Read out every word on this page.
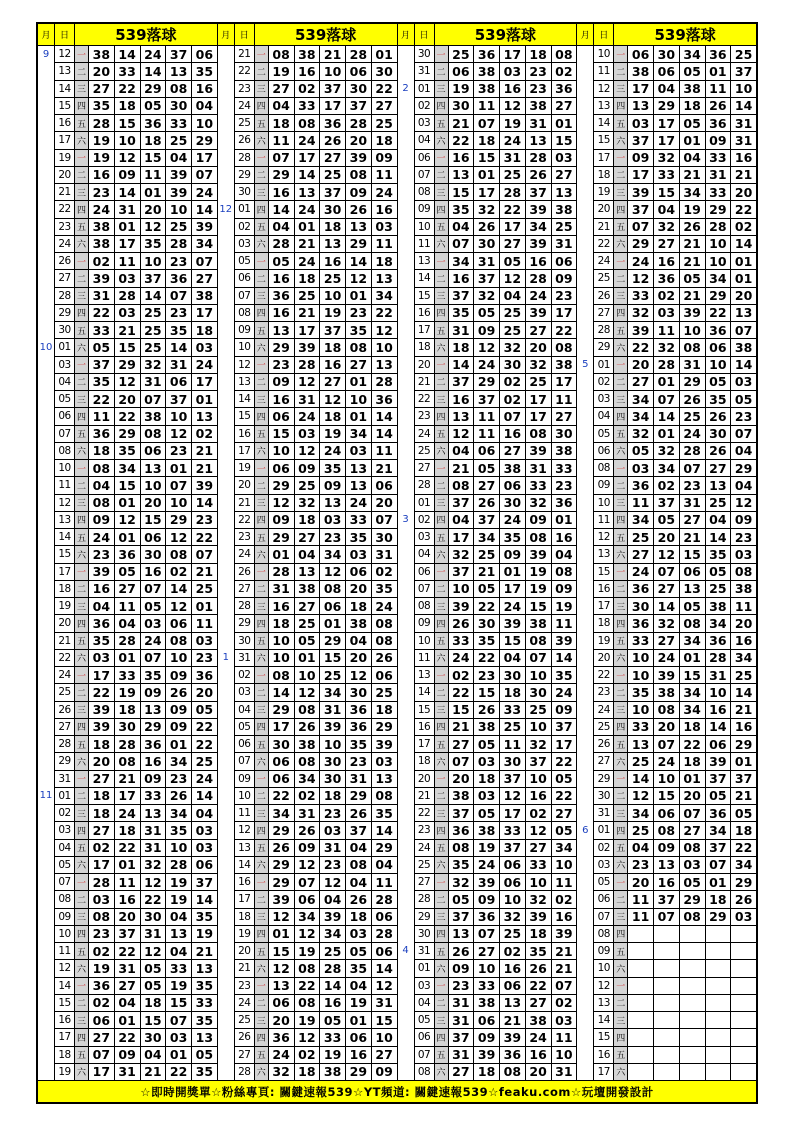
月	日	539落球
9
10
11
12 一 38 14 24 37 06
13 二 20 33 14 13 35
14 三 27 22 29 08 16
15 四 35 18 05 30 04
16 五 28 15 36 33 10
17 六 19 10 18 25 29
19 一 19 12 15 04 17
20 二 16 09 11 39 07
21 三 23 14 01 39 24
22 四 24 31 20 10 14
23 五 38 01 12 25 39
24 六 38 17 35 28 34
26 一 02 11 10 23 07
27 二 39 03 37 36 27
28 三 31 28 14 07 38
29 四 22 03 25 23 17
30 五 33 21 25 35 18
01 六 05 15 25 14 03
03 一 37 29 32 31 24
04 二 35 12 31 06 17
05 三 22 20 07 37 01
06 四 11 22 38 10 13
07 五 36 29 08 12 02
08 六 18 35 06 23 21
10 一 08 34 13 01 21
11 二 04 15 10 07 39
12 三 08 01 20 10 14
13 四 09 12 15 29 23
14 五 24 01 06 12 22
15 六 23 36 30 08 07
17 一 39 05 16 02 21
18 二 16 27 07 14 25
19 三 04 11 05 12 01
20 四 36 04 03 06 11
21 五 35 28 24 08 03
22 六 03 01 07 10 23
24 一 17 33 35 09 36
25 二 22 19 09 26 20
26 三 39 18 13 09 05
27 四 39 30 29 09 22
28 五 18 28 36 01 22
29 六 20 08 16 34 25
31 一 27 21 09 23 24
01 二 18 17 33 26 14
02 三 18 24 13 34 04
03 四 27 18 31 35 03
04 五 02 22 31 10 03
05 六 17 01 32 28 06
07 一 28 11 12 19 37
08 二 03 16 22 19 14
09 三 08 20 30 04 35
10 四 23 37 31 13 19
11 五 02 22 12 04 21
12 六 19 31 05 33 13
14 一 36 27 05 19 35
15 二 02 04 18 15 33
16 三 06 01 15 07 35
17 四 27 22 30 03 13
18 五 07 09 04 01 05
19 六 17 31 21 22 35
月	日	539落球
12
1
21 一 08 38 21 28 01
22 二 19 16 10 06 30
23 三 27 02 37 30 22
24 四 04 33 17 37 27
25 五 18 08 36 28 25
26 六 11 24 26 20 18
28 一 07 17 27 39 09
29 二 29 14 25 08 11
30 三 16 13 37 09 24
01 四 14 24 30 26 16
02 五 04 01 18 13 03
03 六 28 21 13 29 11
05 一 05 24 16 14 18
06 二 16 18 25 12 13
07 三 36 25 10 01 34
08 四 16 21 19 23 22
09 五 13 17 37 35 12
10 六 29 39 18 08 10
12 一 23 28 16 27 13
13 二 09 12 27 01 28
14 三 16 31 12 10 36
15 四 06 24 18 01 14
16 五 15 03 19 34 14
17 六 10 12 24 03 11
19 一 06 09 35 13 21
20 二 29 25 09 13 06
21 三 12 32 13 24 20
22 四 09 18 03 33 07
23 五 29 27 23 35 30
24 六 01 04 34 03 31
26 一 28 13 12 06 02
27 二 31 38 08 20 35
28 三 16 27 06 18 24
29 四 18 25 01 38 08
30 五 10 05 29 04 08
31 六 10 01 15 20 26
02 一 08 10 25 12 06
03 二 14 12 34 30 25
04 三 29 08 31 36 18
05 四 17 26 39 36 29
06 五 30 38 10 35 39
07 六 06 08 30 23 03
09 一 06 34 30 31 13
10 二 22 02 18 29 08
11 三 34 31 23 26 35
12 四 29 26 03 37 14
13 五 26 09 31 04 29
14 六 29 12 23 08 04
16 一 29 07 12 04 11
17 二 39 06 04 26 28
18 三 12 34 39 18 06
19 四 01 12 34 03 28
20 五 15 19 25 05 06
21 六 12 08 28 35 14
23 一 13 22 14 04 12
24 二 06 08 16 19 31
25 三 20 19 05 01 15
26 四 36 12 33 06 10
27 五 24 02 19 16 27
28 六 32 18 38 29 09
月	日	539落球
2
3
4
30 一 25 36 17 18 08
31 二 06 38 03 23 02
01 三 19 38 16 23 36
02 四 30 11 12 38 27
03 五 21 07 19 31 01
04 六 22 18 24 13 15
06 一 16 15 31 28 03
07 二 13 01 25 26 27
08 三 15 17 28 37 13
09 四 35 32 22 39 38
10 五 04 26 17 34 25
11 六 07 30 27 39 31
13 一 34 31 05 16 06
14 二 16 37 12 28 09
15 三 37 32 04 24 23
16 四 35 05 25 39 17
17 五 31 09 25 27 22
18 六 18 12 32 20 08
20 一 14 24 30 32 38
21 二 37 29 02 25 17
22 三 16 37 02 17 11
23 四 13 11 07 17 27
24 五 12 11 16 08 30
25 六 04 06 27 39 38
27 一 21 05 38 31 33
28 二 08 27 06 33 23
01 三 37 26 30 32 36
02 四 04 37 24 09 01
03 五 17 34 35 08 16
04 六 32 25 09 39 04
06 一 37 21 01 19 08
07 二 10 05 17 19 09
08 三 39 22 24 15 19
09 四 26 30 39 38 11
10 五 33 35 15 08 39
11 六 24 22 04 07 14
13 一 02 23 30 10 35
14 二 22 15 18 30 24
15 三 15 26 33 25 09
16 四 21 38 25 10 37
17 五 27 05 11 32 17
18 六 07 03 30 37 22
20 一 20 18 37 10 05
21 二 38 03 12 16 22
22 三 37 05 17 02 27
23 四 36 38 33 12 05
24 五 08 19 37 27 34
25 六 35 24 06 33 10
27 一 32 39 06 10 11
28 二 05 09 10 32 02
29 三 37 36 32 39 16
30 四 13 07 25 18 39
31 五 26 27 02 35 21
01 六 09 10 16 26 21
03 一 23 33 06 22 07
04 二 31 38 13 27 02
05 三 31 06 21 38 03
06 四 37 09 39 24 11
07 五 31 39 36 16 10
08 六 27 18 08 20 31
月	日	539落球
5
6
10 一 06 30 34 36 25
11 二 38 06 05 01 37
12 三 17 04 38 11 10
13 四 13 29 18 26 14
14 五 03 17 05 36 31
15 六 37 17 01 09 31
17 一 09 32 04 33 16
18 二 17 33 21 31 21
19 三 39 15 34 33 20
20 四 37 04 19 29 22
21 五 07 32 26 28 02
22 六 29 27 21 10 14
24 一 24 16 21 10 01
25 二 12 36 05 34 01
26 三 33 02 21 29 20
27 四 32 03 39 22 13
28 五 39 11 10 36 07
29 六 22 32 08 06 38
01 一 20 28 31 10 14
02 二 27 01 29 05 03
03 三 34 07 26 35 05
04 四 34 14 25 26 23
05 五 32 01 24 30 07
06 六 05 32 28 26 04
08 一 03 34 07 27 29
09 二 36 02 23 13 04
10 三 11 37 31 25 12
11 四 34 05 27 04 09
12 五 25 20 21 14 23
13 六 27 12 15 35 03
15 一 24 07 06 05 08
16 二 36 27 13 25 38
17 三 30 14 05 38 11
18 四 36 32 08 34 20
19 五 33 27 34 36 16
20 六 10 24 01 28 34
22 一 10 39 15 31 25
23 二 35 38 34 10 14
24 三 10 08 34 16 21
25 四 33 20 18 14 16
26 五 13 07 22 06 29
27 六 25 24 18 39 01
29 一 14 10 01 37 37
30 二 12 15 20 05 21
31 三 34 06 07 36 05
01 四 25 08 27 34 18
02 五 04 09 08 37 22
03 六 23 13 03 07 34
05 一 20 16 05 01 29
06 二 11 37 29 18 26
07 三 11 07 08 29 03
08 四
09 五
10 六
12 一
13 二
14 三
15 四
16 五
17 六
☆即時開獎單☆粉絲專頁: 關鍵速報539☆YT頻道: 關鍵速報539☆feaku.com☆玩壇開發設計
